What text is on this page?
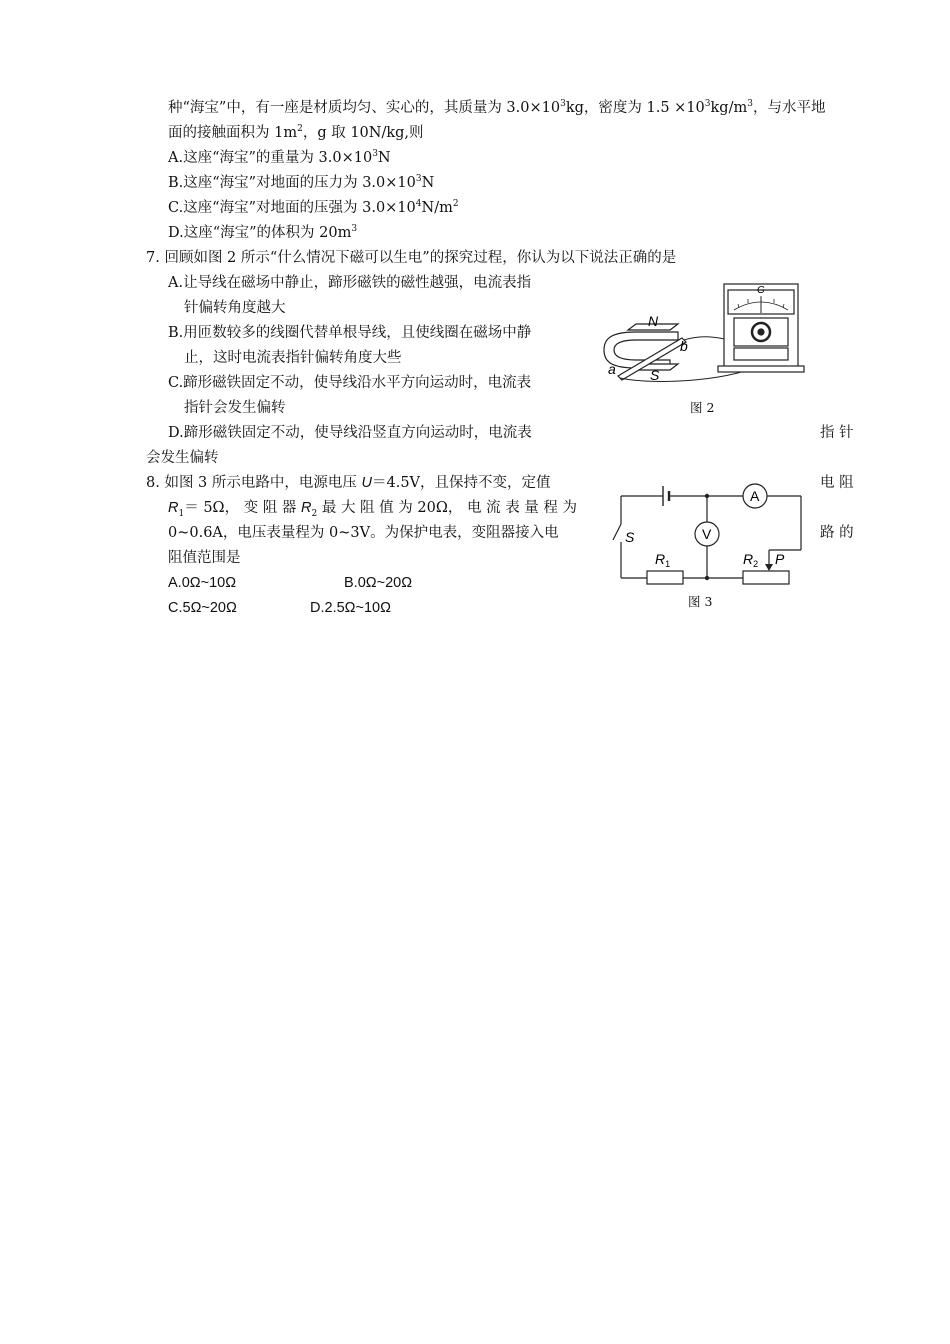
种“海宝”中，有一座是材质均匀、实心的，其质量为 $3.0\times 10^3kg$，密度为 $1.5 \times 10^3kg/m^3$，与水平地
面的接触面积为 $1m^2$，g 取 10N/kg,则
A.这座“海宝”的重量为 $3.0\times 10^3N$
B.这座“海宝”对地面的压力为 $3.0\times 10^3N$
C.这座“海宝”对地面的压强为 $3.0\times 10^4N/m^2$
D.这座“海宝”的体积为 $20m^3$
7. 回顾如图 2 所示“什么情况下磁可以生电”的探究过程，你认为以下说法正确的是
A.让导线在磁场中静止，蹄形磁铁的磁性越强，电流表指
针偏转角度越大
B.用匝数较多的线圈代替单根导线，且使线圈在磁场中静
止，这时电流表指针偏转角度大些
C.蹄形磁铁固定不动，使导线沿水平方向运动时，电流表
指针会发生偏转
D.蹄形磁铁固定不动，使导线沿竖直方向运动时，电流表	指 针
会发生偏转
N
S
a
b
G
图 2
8. 如图 3 所示电路中，电源电压 U＝4.5V，且保持不变，定值	电 阻
$R_1= 5\Omega$， 变 阻 器 $R_2$ 最 大 阻 值 为 20Ω， 电 流 表 量 程 为
0~0.6A，电压表量程为 0~3V。为保护电表，变阻器接入电	路 的
阻值范围是
A.0Ω~10Ω	B.0Ω~20Ω
C.5Ω~20Ω	D.2.5Ω~10Ω
A
V
S
$R_1$	$R_2$ P
图 3
